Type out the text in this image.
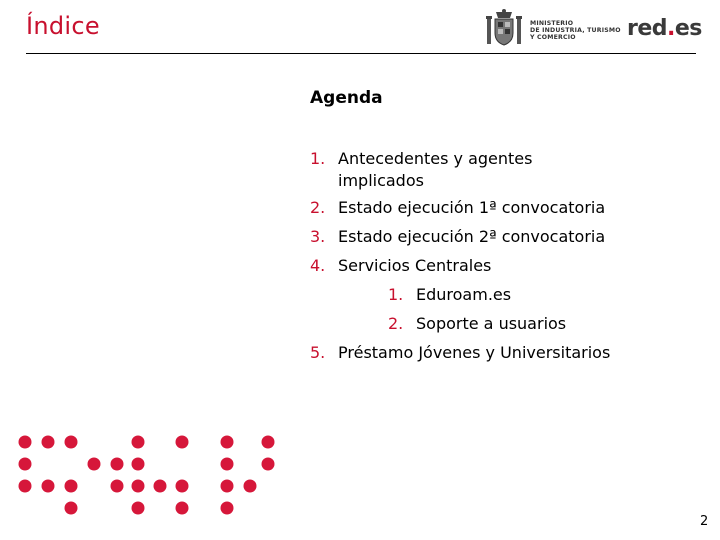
Índice	MINISTERIO
DE INDUSTRIA, TURISMO
Y COMERCIO	red.es
Agenda
1. Antecedentes y agentes
implicados
2. Estado ejecución 1ª convocatoria
3. Estado ejecución 2ª convocatoria
4. Servicios Centrales
1. Eduroam.es
2. Soporte a usuarios
5. Préstamo Jóvenes y Universitarios
2
